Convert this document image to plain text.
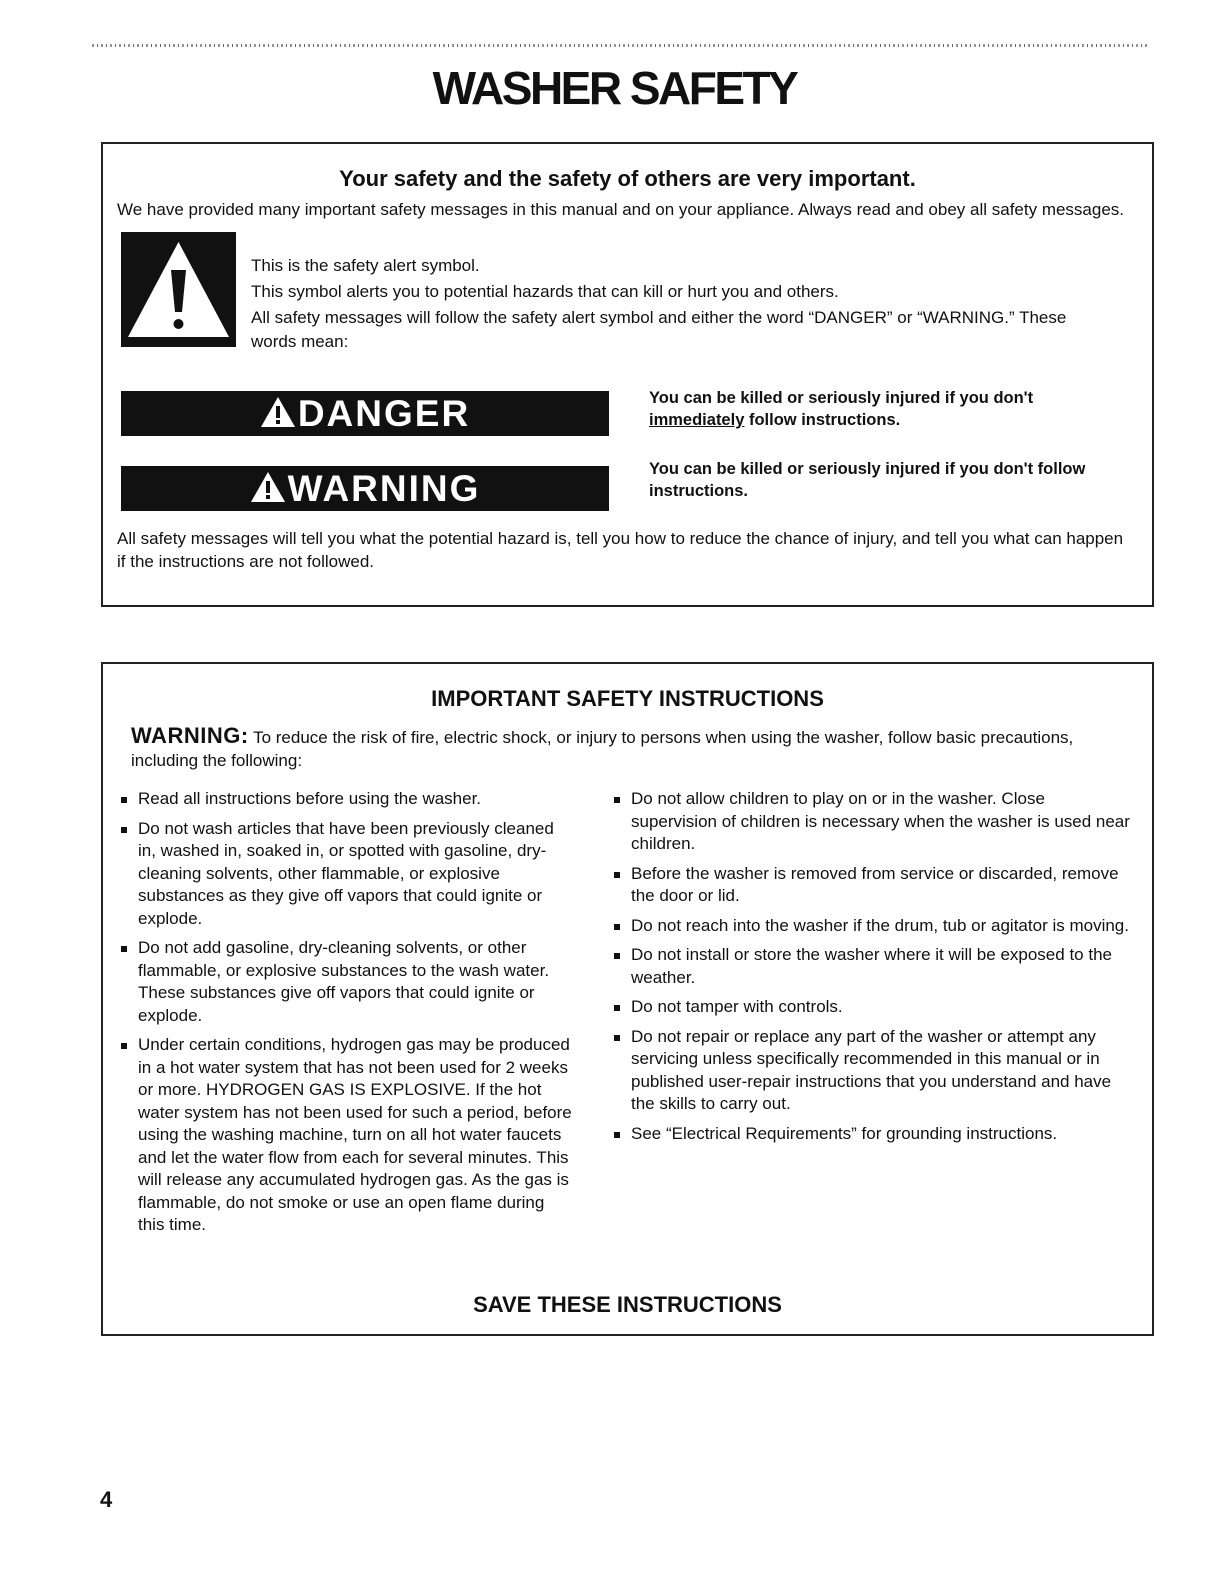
WASHER SAFETY
Your safety and the safety of others are very important.
We have provided many important safety messages in this manual and on your appliance. Always read and obey all safety messages.
This is the safety alert symbol.
This symbol alerts you to potential hazards that can kill or hurt you and others.
All safety messages will follow the safety alert symbol and either the word “DANGER” or “WARNING.” These words mean:
DANGER	You can be killed or seriously injured if you don't immediately follow instructions.
WARNING	You can be killed or seriously injured if you don't follow instructions.
All safety messages will tell you what the potential hazard is, tell you how to reduce the chance of injury, and tell you what can happen if the instructions are not followed.
IMPORTANT SAFETY INSTRUCTIONS
WARNING: To reduce the risk of fire, electric shock, or injury to persons when using the washer, follow basic precautions, including the following:
Read all instructions before using the washer.
Do not wash articles that have been previously cleaned in, washed in, soaked in, or spotted with gasoline, dry-cleaning solvents, other flammable, or explosive substances as they give off vapors that could ignite or explode.
Do not add gasoline, dry-cleaning solvents, or other flammable, or explosive substances to the wash water. These substances give off vapors that could ignite or explode.
Under certain conditions, hydrogen gas may be produced in a hot water system that has not been used for 2 weeks or more. HYDROGEN GAS IS EXPLOSIVE. If the hot water system has not been used for such a period, before using the washing machine, turn on all hot water faucets and let the water flow from each for several minutes. This will release any accumulated hydrogen gas. As the gas is flammable, do not smoke or use an open flame during this time.
Do not allow children to play on or in the washer. Close supervision of children is necessary when the washer is used near children.
Before the washer is removed from service or discarded, remove the door or lid.
Do not reach into the washer if the drum, tub or agitator is moving.
Do not install or store the washer where it will be exposed to the weather.
Do not tamper with controls.
Do not repair or replace any part of the washer or attempt any servicing unless specifically recommended in this manual or in published user-repair instructions that you understand and have the skills to carry out.
See “Electrical Requirements” for grounding instructions.
SAVE THESE INSTRUCTIONS
4
